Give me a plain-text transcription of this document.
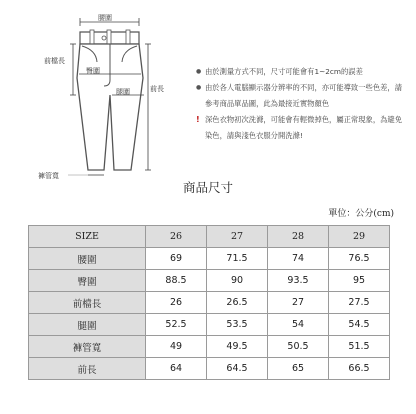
腰圍
前檔長
臀圍
腿圍	前長
褲管寬
● 由於測量方式不同，尺寸可能會有1~2cm的誤差
● 由於各人電腦顯示器分辨率的不同，亦可能導致一些色差，請參考商品單品圖，此為最接近實物顏色
! 深色衣物初次洗滌，可能會有輕微掉色，屬正常現象，為避免染色，請與淺色衣服分開洗滌!
商品尺寸
單位：公分(cm)
SIZE	26	27	28	29
腰圍	69	71.5	74	76.5
臀圍	88.5	90	93.5	95
前檔長	26	26.5	27	27.5
腿圍	52.5	53.5	54	54.5
褲管寬	49	49.5	50.5	51.5
前長	64	64.5	65	66.5
